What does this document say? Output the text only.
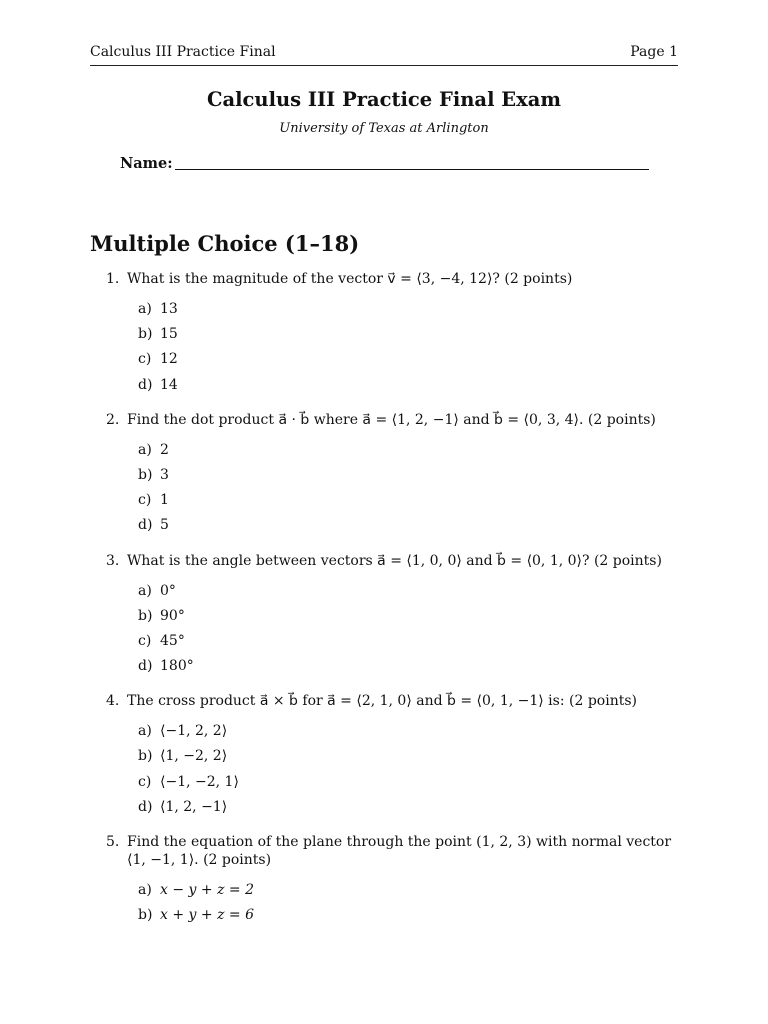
Calculus III Practice Final	Page 1
Calculus III Practice Final Exam
University of Texas at Arlington
Name:
Multiple Choice (1–18)
1. What is the magnitude of the vector v⃗ = ⟨3, −4, 12⟩? (2 points)
a) 13
b) 15
c) 12
d) 14
2. Find the dot product a⃗ · b⃗ where a⃗ = ⟨1, 2, −1⟩ and b⃗ = ⟨0, 3, 4⟩. (2 points)
a) 2
b) 3
c) 1
d) 5
3. What is the angle between vectors a⃗ = ⟨1, 0, 0⟩ and b⃗ = ⟨0, 1, 0⟩? (2 points)
a) 0°
b) 90°
c) 45°
d) 180°
4. The cross product a⃗ × b⃗ for a⃗ = ⟨2, 1, 0⟩ and b⃗ = ⟨0, 1, −1⟩ is: (2 points)
a) ⟨−1, 2, 2⟩
b) ⟨1, −2, 2⟩
c) ⟨−1, −2, 1⟩
d) ⟨1, 2, −1⟩
5. Find the equation of the plane through the point (1, 2, 3) with normal vector ⟨1, −1, 1⟩. (2 points)
a) x − y + z = 2
b) x + y + z = 6
